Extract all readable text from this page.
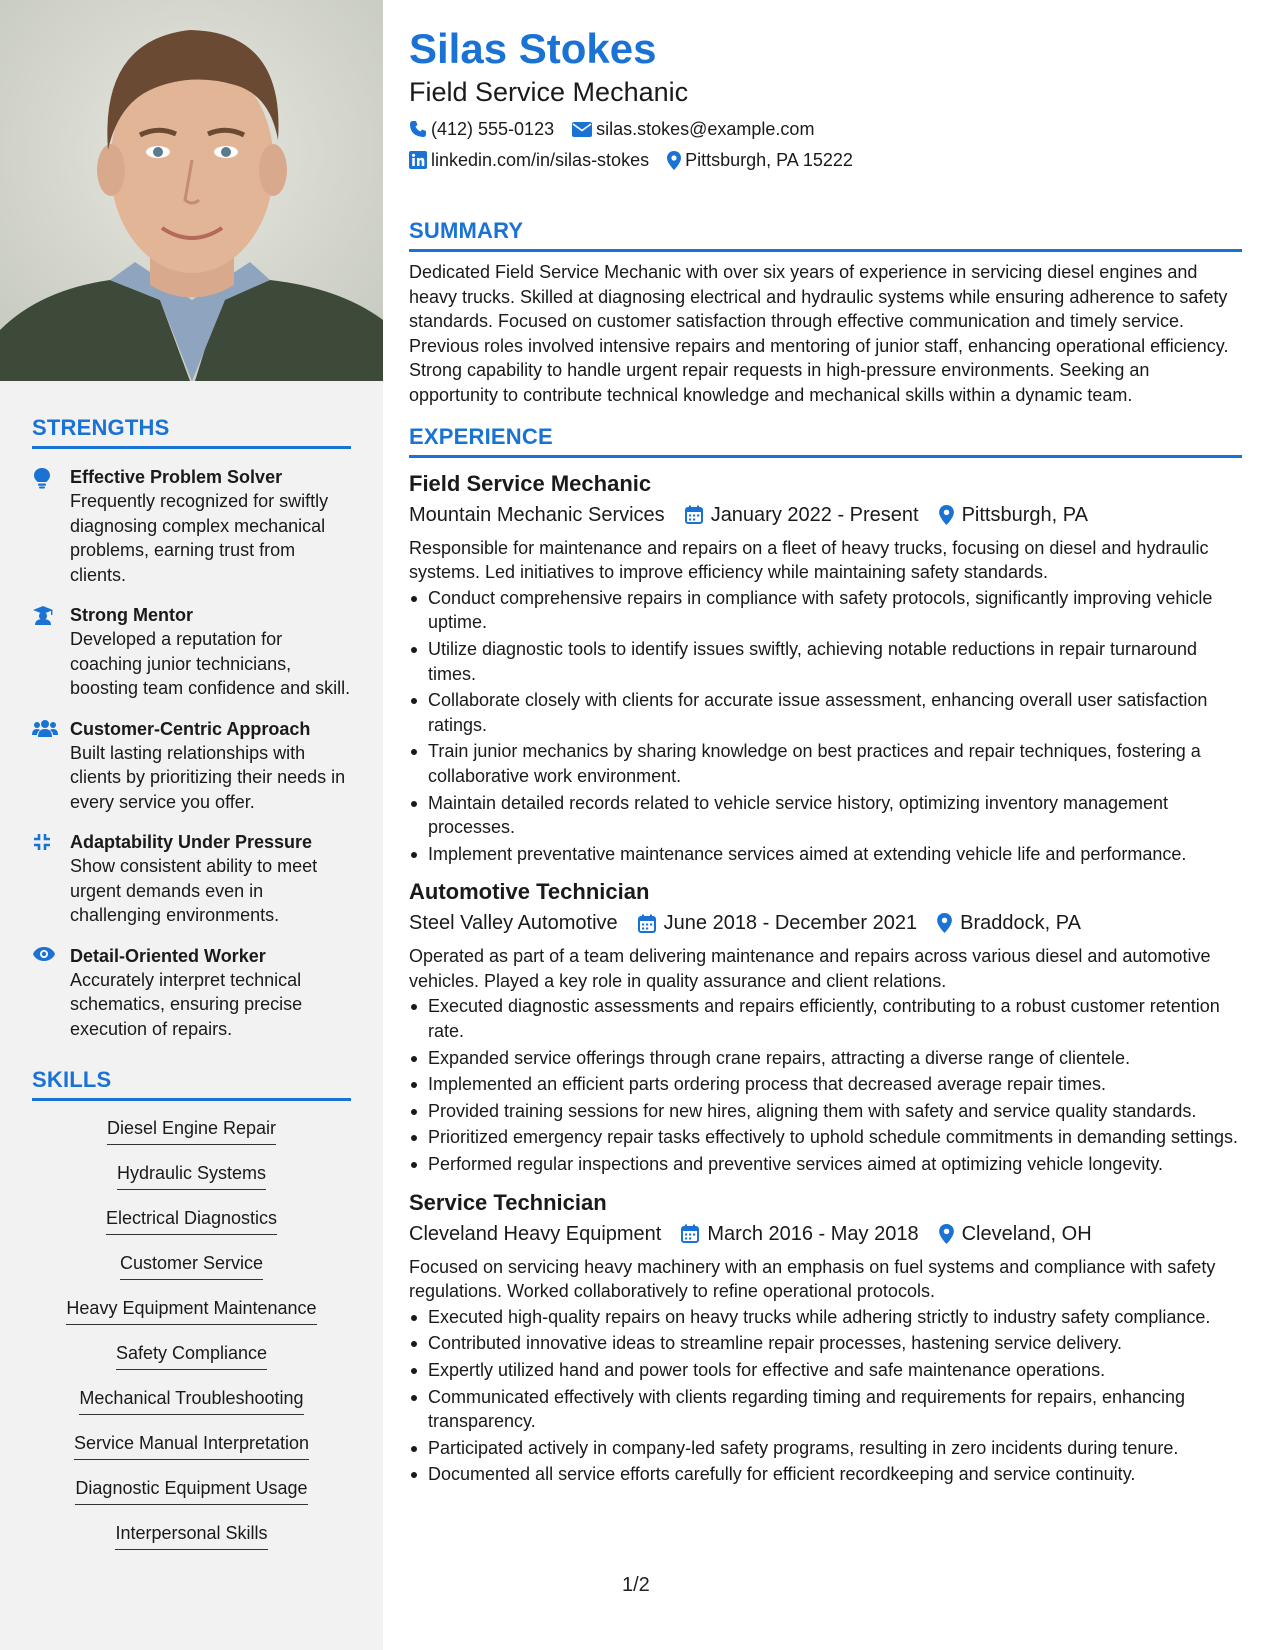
STRENGTHS
Effective Problem Solver
Frequently recognized for swiftly diagnosing complex mechanical problems, earning trust from clients.
Strong Mentor
Developed a reputation for coaching junior technicians, boosting team confidence and skill.
Customer-Centric Approach
Built lasting relationships with clients by prioritizing their needs in every service you offer.
Adaptability Under Pressure
Show consistent ability to meet urgent demands even in challenging environments.
Detail-Oriented Worker
Accurately interpret technical schematics, ensuring precise execution of repairs.
SKILLS
Diesel Engine Repair
Hydraulic Systems
Electrical Diagnostics
Customer Service
Heavy Equipment Maintenance
Safety Compliance
Mechanical Troubleshooting
Service Manual Interpretation
Diagnostic Equipment Usage
Interpersonal Skills
Silas Stokes
Field Service Mechanic
(412) 555-0123 silas.stokes@example.com
linkedin.com/in/silas-stokes Pittsburgh, PA 15222
SUMMARY
Dedicated Field Service Mechanic with over six years of experience in servicing diesel engines and heavy trucks. Skilled at diagnosing electrical and hydraulic systems while ensuring adherence to safety standards. Focused on customer satisfaction through effective communication and timely service. Previous roles involved intensive repairs and mentoring of junior staff, enhancing operational efficiency. Strong capability to handle urgent repair requests in high-pressure environments. Seeking an opportunity to contribute technical knowledge and mechanical skills within a dynamic team.
EXPERIENCE
Field Service Mechanic
Mountain Mechanic Services January 2022 - Present Pittsburgh, PA
Responsible for maintenance and repairs on a fleet of heavy trucks, focusing on diesel and hydraulic systems. Led initiatives to improve efficiency while maintaining safety standards.
Conduct comprehensive repairs in compliance with safety protocols, significantly improving vehicle uptime.
Utilize diagnostic tools to identify issues swiftly, achieving notable reductions in repair turnaround times.
Collaborate closely with clients for accurate issue assessment, enhancing overall user satisfaction ratings.
Train junior mechanics by sharing knowledge on best practices and repair techniques, fostering a collaborative work environment.
Maintain detailed records related to vehicle service history, optimizing inventory management processes.
Implement preventative maintenance services aimed at extending vehicle life and performance.
Automotive Technician
Steel Valley Automotive June 2018 - December 2021 Braddock, PA
Operated as part of a team delivering maintenance and repairs across various diesel and automotive vehicles. Played a key role in quality assurance and client relations.
Executed diagnostic assessments and repairs efficiently, contributing to a robust customer retention rate.
Expanded service offerings through crane repairs, attracting a diverse range of clientele.
Implemented an efficient parts ordering process that decreased average repair times.
Provided training sessions for new hires, aligning them with safety and service quality standards.
Prioritized emergency repair tasks effectively to uphold schedule commitments in demanding settings.
Performed regular inspections and preventive services aimed at optimizing vehicle longevity.
Service Technician
Cleveland Heavy Equipment March 2016 - May 2018 Cleveland, OH
Focused on servicing heavy machinery with an emphasis on fuel systems and compliance with safety regulations. Worked collaboratively to refine operational protocols.
Executed high-quality repairs on heavy trucks while adhering strictly to industry safety compliance.
Contributed innovative ideas to streamline repair processes, hastening service delivery.
Expertly utilized hand and power tools for effective and safe maintenance operations.
Communicated effectively with clients regarding timing and requirements for repairs, enhancing transparency.
Participated actively in company-led safety programs, resulting in zero incidents during tenure.
Documented all service efforts carefully for efficient recordkeeping and service continuity.
1/2
